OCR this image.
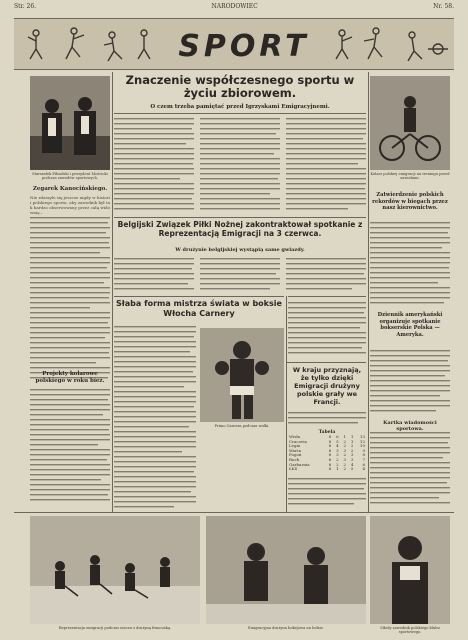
Str. 26.	NARODOWIEC	Nr. 58.
SPORT
Marszałek Piłsudski i prezydent Mościcki podczas zawodów sportowych.
Zegarek Kanocińskiego.
Nie zdarzyło się jeszcze nigdy w historii polskiego sportu, aby zawodnik był tak bardzo obserwowany przez całą widownię...
Projekty kolarowe polskiego w roku bież.
Znaczenie współczesnego sportu w życiu zbiorowem.
O czem trzeba pamiętać przed Igrzyskami Emigracyjnemi.
Belgijski Związek Piłki Nożnej zakontraktował spotkanie z Reprezentacją Emigracji na 3 czerwca.
W drużynie belgijskiej wystąpią same gwiazdy.
Słaba forma mistrza świata w boksie Włocha Carnery
Primo Carnera podczas walki.
W kraju przyznają, że tylko dzięki Emigracji drużyny polskie grały we Francji.
Tabela
Wisła	8	6	1	1	13
Cracovia	8	5	2	1	12
Legia	8	4	2	2	10
Warta	8	3	3	2	9
Pogoń	8	3	2	3	8
Ruch	8	2	3	3	7
Garbarnia	8	2	2	4	6
ŁKS	8	1	2	5	4
Kolarz polskiej emigracji na treningu przed zawodami.
Zatwierdzenie polskich rekordów w biegach przez nasz kierownictwo.
Dziennik amerykański organizuje spotkanie bokserskie Polska — Ameryka.
Kartka wiadomości sportowa.
Reprezentacja emigracji podczas meczu z drużyną francuską.	Emigracyjna drużyna hokejowa na lodzie.	Młody zawodnik polskiego klubu sportowego.
